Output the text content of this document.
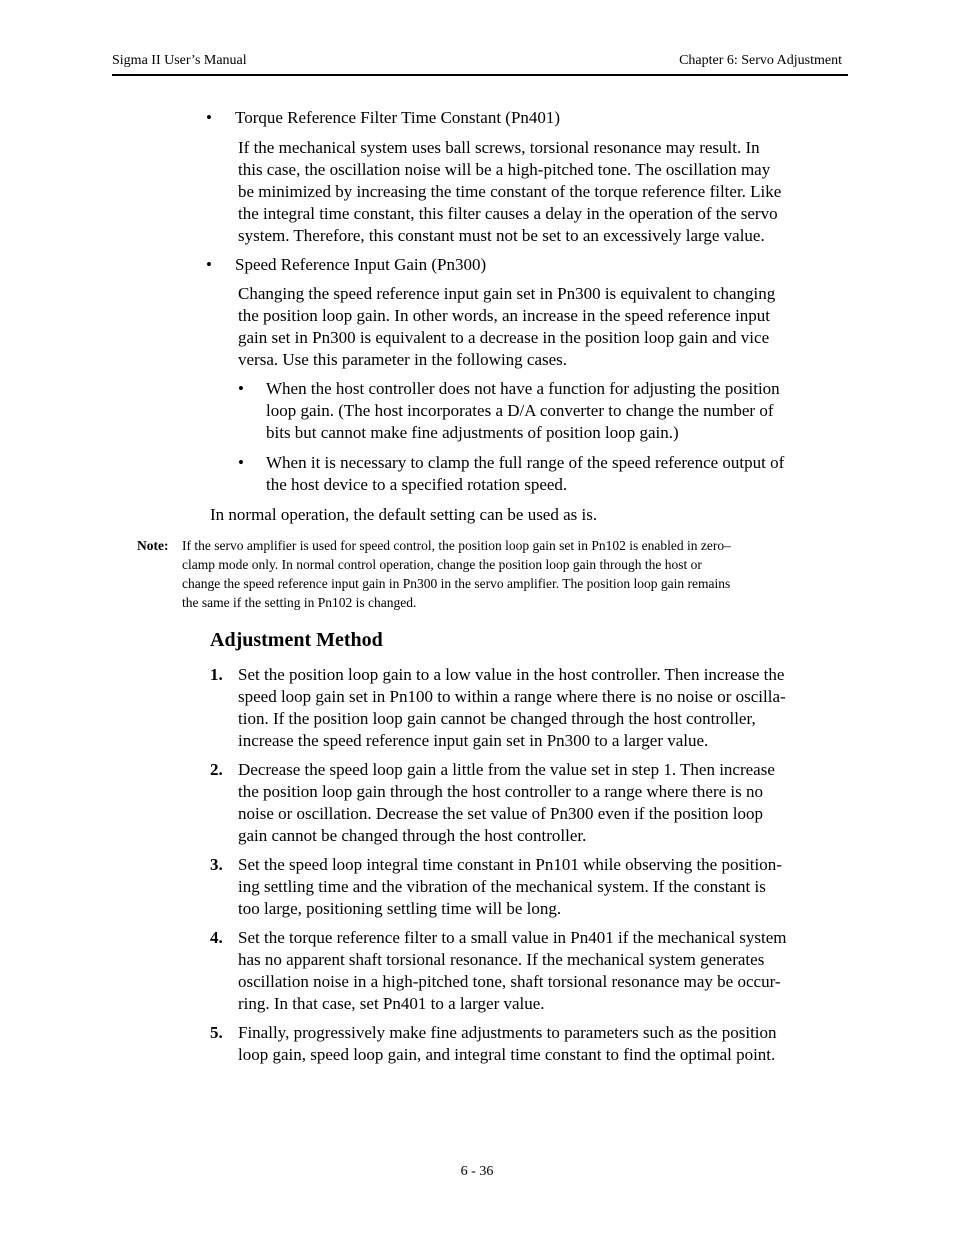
Sigma II User’s Manual	Chapter 6: Servo Adjustment
• Torque Reference Filter Time Constant (Pn401)
If the mechanical system uses ball screws, torsional resonance may result. In
this case, the oscillation noise will be a high-pitched tone. The oscillation may
be minimized by increasing the time constant of the torque reference filter. Like
the integral time constant, this filter causes a delay in the operation of the servo
system. Therefore, this constant must not be set to an excessively large value.
• Speed Reference Input Gain (Pn300)
Changing the speed reference input gain set in Pn300 is equivalent to changing
the position loop gain. In other words, an increase in the speed reference input
gain set in Pn300 is equivalent to a decrease in the position loop gain and vice
versa. Use this parameter in the following cases.
• When the host controller does not have a function for adjusting the position
loop gain. (The host incorporates a D/A converter to change the number of
bits but cannot make fine adjustments of position loop gain.)
• When it is necessary to clamp the full range of the speed reference output of
the host device to a specified rotation speed.
In normal operation, the default setting can be used as is.
Note: If the servo amplifier is used for speed control, the position loop gain set in Pn102 is enabled in zero–
clamp mode only. In normal control operation, change the position loop gain through the host or
change the speed reference input gain in Pn300 in the servo amplifier. The position loop gain remains
the same if the setting in Pn102 is changed.
Adjustment Method
1. Set the position loop gain to a low value in the host controller. Then increase the
speed loop gain set in Pn100 to within a range where there is no noise or oscilla-
tion. If the position loop gain cannot be changed through the host controller,
increase the speed reference input gain set in Pn300 to a larger value.
2. Decrease the speed loop gain a little from the value set in step 1. Then increase
the position loop gain through the host controller to a range where there is no
noise or oscillation. Decrease the set value of Pn300 even if the position loop
gain cannot be changed through the host controller.
3. Set the speed loop integral time constant in Pn101 while observing the position-
ing settling time and the vibration of the mechanical system. If the constant is
too large, positioning settling time will be long.
4. Set the torque reference filter to a small value in Pn401 if the mechanical system
has no apparent shaft torsional resonance. If the mechanical system generates
oscillation noise in a high-pitched tone, shaft torsional resonance may be occur-
ring. In that case, set Pn401 to a larger value.
5. Finally, progressively make fine adjustments to parameters such as the position
loop gain, speed loop gain, and integral time constant to find the optimal point.
6 - 36
